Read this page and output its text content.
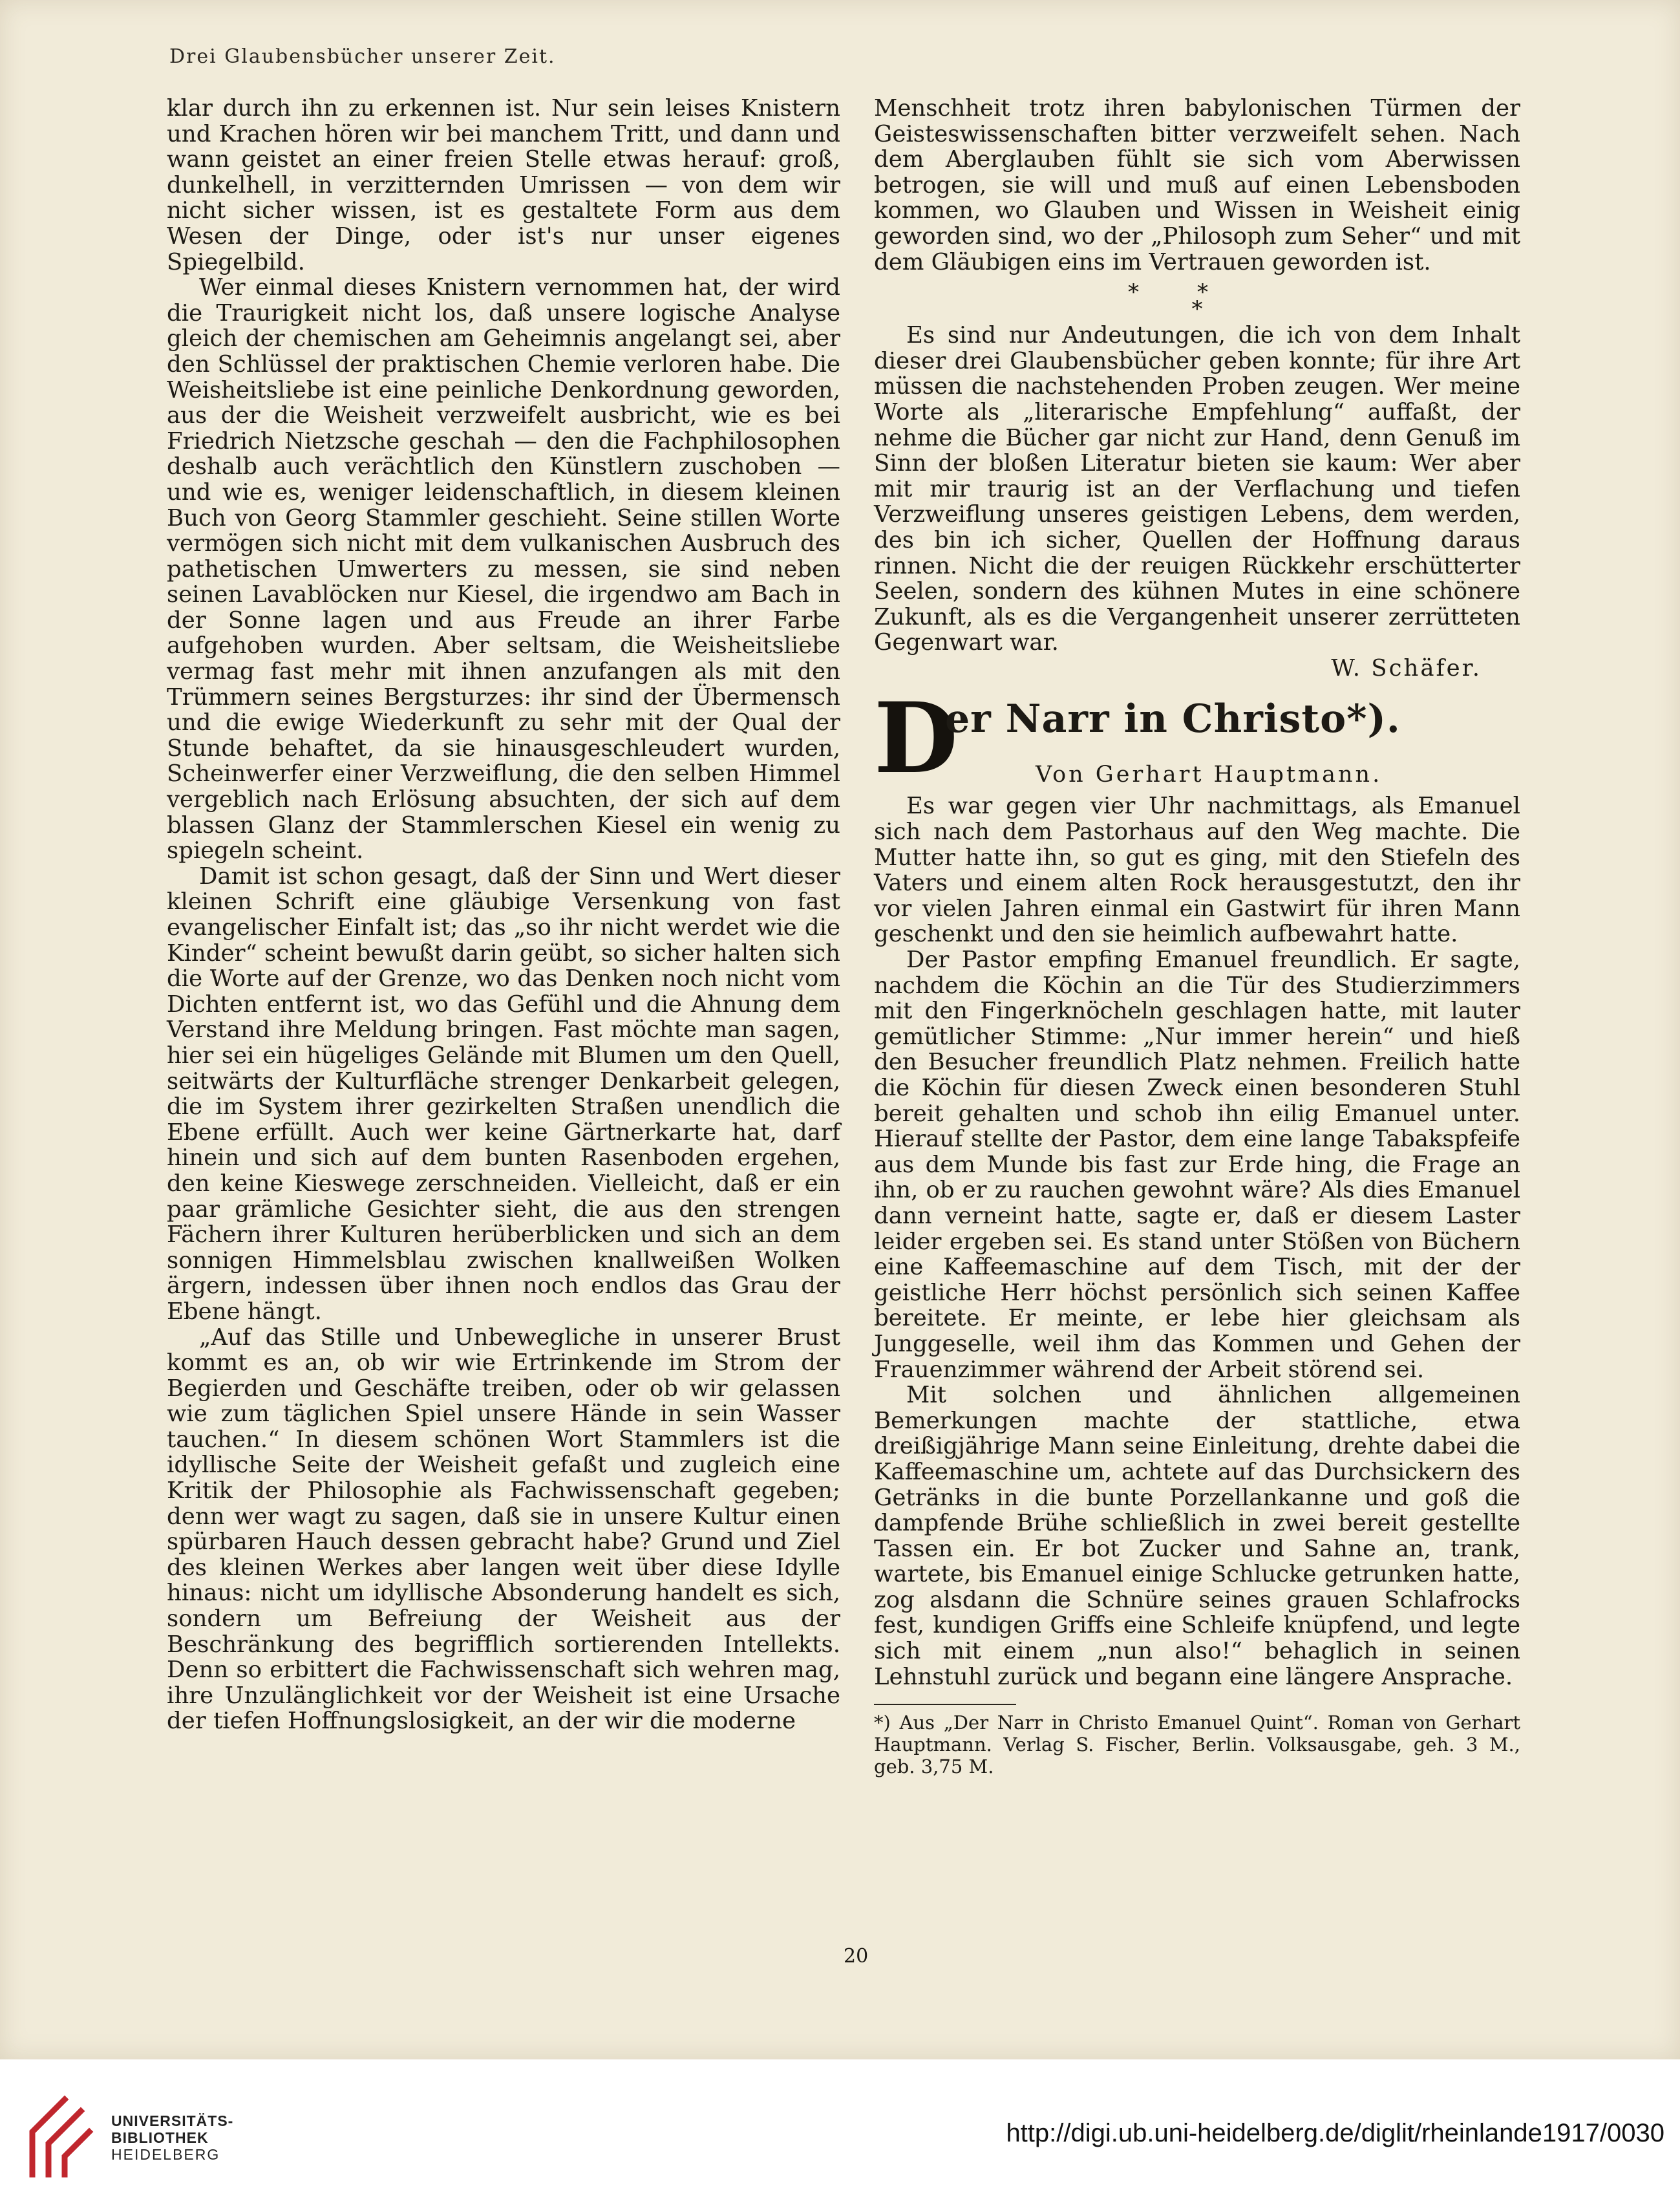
Drei Glaubensbücher unserer Zeit.

klar durch ihn zu erkennen ist. Nur sein leises Knistern und Krachen hören wir bei manchem Tritt, und dann und wann geistet an einer freien Stelle etwas herauf: groß, dunkelhell, in verzitternden Umrissen — von dem wir nicht sicher wissen, ist es gestaltete Form aus dem Wesen der Dinge, oder ist's nur unser eigenes Spiegelbild.

Wer einmal dieses Knistern vernommen hat, der wird die Traurigkeit nicht los, daß unsere logische Analyse gleich der chemischen am Geheimnis angelangt sei, aber den Schlüssel der praktischen Chemie verloren habe. Die Weisheitsliebe ist eine peinliche Denkordnung geworden, aus der die Weisheit verzweifelt ausbricht, wie es bei Friedrich Nietzsche geschah — den die Fachphilosophen deshalb auch verächtlich den Künstlern zuschoben — und wie es, weniger leidenschaftlich, in diesem kleinen Buch von Georg Stammler geschieht. Seine stillen Worte vermögen sich nicht mit dem vulkanischen Ausbruch des pathetischen Umwerters zu messen, sie sind neben seinen Lavablöcken nur Kiesel, die irgendwo am Bach in der Sonne lagen und aus Freude an ihrer Farbe aufgehoben wurden. Aber seltsam, die Weisheitsliebe vermag fast mehr mit ihnen anzufangen als mit den Trümmern seines Bergsturzes: ihr sind der Übermensch und die ewige Wiederkunft zu sehr mit der Qual der Stunde behaftet, da sie hinausgeschleudert wurden, Scheinwerfer einer Verzweiflung, die den selben Himmel vergeblich nach Erlösung absuchten, der sich auf dem blassen Glanz der Stammlerschen Kiesel ein wenig zu spiegeln scheint.

Damit ist schon gesagt, daß der Sinn und Wert dieser kleinen Schrift eine gläubige Versenkung von fast evangelischer Einfalt ist; das „so ihr nicht werdet wie die Kinder“ scheint bewußt darin geübt, so sicher halten sich die Worte auf der Grenze, wo das Denken noch nicht vom Dichten entfernt ist, wo das Gefühl und die Ahnung dem Verstand ihre Meldung bringen. Fast möchte man sagen, hier sei ein hügeliges Gelände mit Blumen um den Quell, seitwärts der Kulturfläche strenger Denkarbeit gelegen, die im System ihrer gezirkelten Straßen unendlich die Ebene erfüllt. Auch wer keine Gärtnerkarte hat, darf hinein und sich auf dem bunten Rasenboden ergehen, den keine Kieswege zerschneiden. Vielleicht, daß er ein paar grämliche Gesichter sieht, die aus den strengen Fächern ihrer Kulturen herüberblicken und sich an dem sonnigen Himmelsblau zwischen knallweißen Wolken ärgern, indessen über ihnen noch endlos das Grau der Ebene hängt.

„Auf das Stille und Unbewegliche in unserer Brust kommt es an, ob wir wie Ertrinkende im Strom der Begierden und Geschäfte treiben, oder ob wir gelassen wie zum täglichen Spiel unsere Hände in sein Wasser tauchen.“ In diesem schönen Wort Stammlers ist die idyllische Seite der Weisheit gefaßt und zugleich eine Kritik der Philosophie als Fachwissenschaft gegeben; denn wer wagt zu sagen, daß sie in unsere Kultur einen spürbaren Hauch dessen gebracht habe? Grund und Ziel des kleinen Werkes aber langen weit über diese Idylle hinaus: nicht um idyllische Absonderung handelt es sich, sondern um Befreiung der Weisheit aus der Beschränkung des begrifflich sortierenden Intellekts. Denn so erbittert die Fachwissenschaft sich wehren mag, ihre Unzulänglichkeit vor der Weisheit ist eine Ursache der tiefen Hoffnungslosigkeit, an der wir die moderne

Menschheit trotz ihren babylonischen Türmen der Geisteswissenschaften bitter verzweifelt sehen. Nach dem Aberglauben fühlt sie sich vom Aberwissen betrogen, sie will und muß auf einen Lebensboden kommen, wo Glauben und Wissen in Weisheit einig geworden sind, wo der „Philosoph zum Seher“ und mit dem Gläubigen eins im Vertrauen geworden ist.

**
*

Es sind nur Andeutungen, die ich von dem Inhalt dieser drei Glaubensbücher geben konnte; für ihre Art müssen die nachstehenden Proben zeugen. Wer meine Worte als „literarische Empfehlung“ auffaßt, der nehme die Bücher gar nicht zur Hand, denn Genuß im Sinn der bloßen Literatur bieten sie kaum: Wer aber mit mir traurig ist an der Verflachung und tiefen Verzweiflung unseres geistigen Lebens, dem werden, des bin ich sicher, Quellen der Hoffnung daraus rinnen. Nicht die der reuigen Rückkehr erschütterter Seelen, sondern des kühnen Mutes in eine schönere Zukunft, als es die Vergangenheit unserer zerrütteten Gegenwart war.

W. Schäfer.

D
er Narr in Christo*).
Von Gerhart Hauptmann.

Es war gegen vier Uhr nachmittags, als Emanuel sich nach dem Pastorhaus auf den Weg machte. Die Mutter hatte ihn, so gut es ging, mit den Stiefeln des Vaters und einem alten Rock herausgestutzt, den ihr vor vielen Jahren einmal ein Gastwirt für ihren Mann geschenkt und den sie heimlich aufbewahrt hatte.

Der Pastor empfing Emanuel freundlich. Er sagte, nachdem die Köchin an die Tür des Studierzimmers mit den Fingerknöcheln geschlagen hatte, mit lauter gemütlicher Stimme: „Nur immer herein“ und hieß den Besucher freundlich Platz nehmen. Freilich hatte die Köchin für diesen Zweck einen besonderen Stuhl bereit gehalten und schob ihn eilig Emanuel unter. Hierauf stellte der Pastor, dem eine lange Tabakspfeife aus dem Munde bis fast zur Erde hing, die Frage an ihn, ob er zu rauchen gewohnt wäre? Als dies Emanuel dann verneint hatte, sagte er, daß er diesem Laster leider ergeben sei. Es stand unter Stößen von Büchern eine Kaffeemaschine auf dem Tisch, mit der der geistliche Herr höchst persönlich sich seinen Kaffee bereitete. Er meinte, er lebe hier gleichsam als Junggeselle, weil ihm das Kommen und Gehen der Frauenzimmer während der Arbeit störend sei.

Mit solchen und ähnlichen allgemeinen Bemerkungen machte der stattliche, etwa dreißigjährige Mann seine Einleitung, drehte dabei die Kaffeemaschine um, achtete auf das Durchsickern des Getränks in die bunte Porzellankanne und goß die dampfende Brühe schließlich in zwei bereit gestellte Tassen ein. Er bot Zucker und Sahne an, trank, wartete, bis Emanuel einige Schlucke getrunken hatte, zog alsdann die Schnüre seines grauen Schlafrocks fest, kundigen Griffs eine Schleife knüpfend, und legte sich mit einem „nun also!“ behaglich in seinen Lehnstuhl zurück und begann eine längere Ansprache.

*) Aus „Der Narr in Christo Emanuel Quint“. Roman von Gerhart Hauptmann. Verlag S. Fischer, Berlin. Volksausgabe, geh. 3 M., geb. 3,75 M.

20
UNIVERSITÄTS-
BIBLIOTHEK
HEIDELBERG
http://digi.ub.uni-heidelberg.de/diglit/rheinlande1917/0030
